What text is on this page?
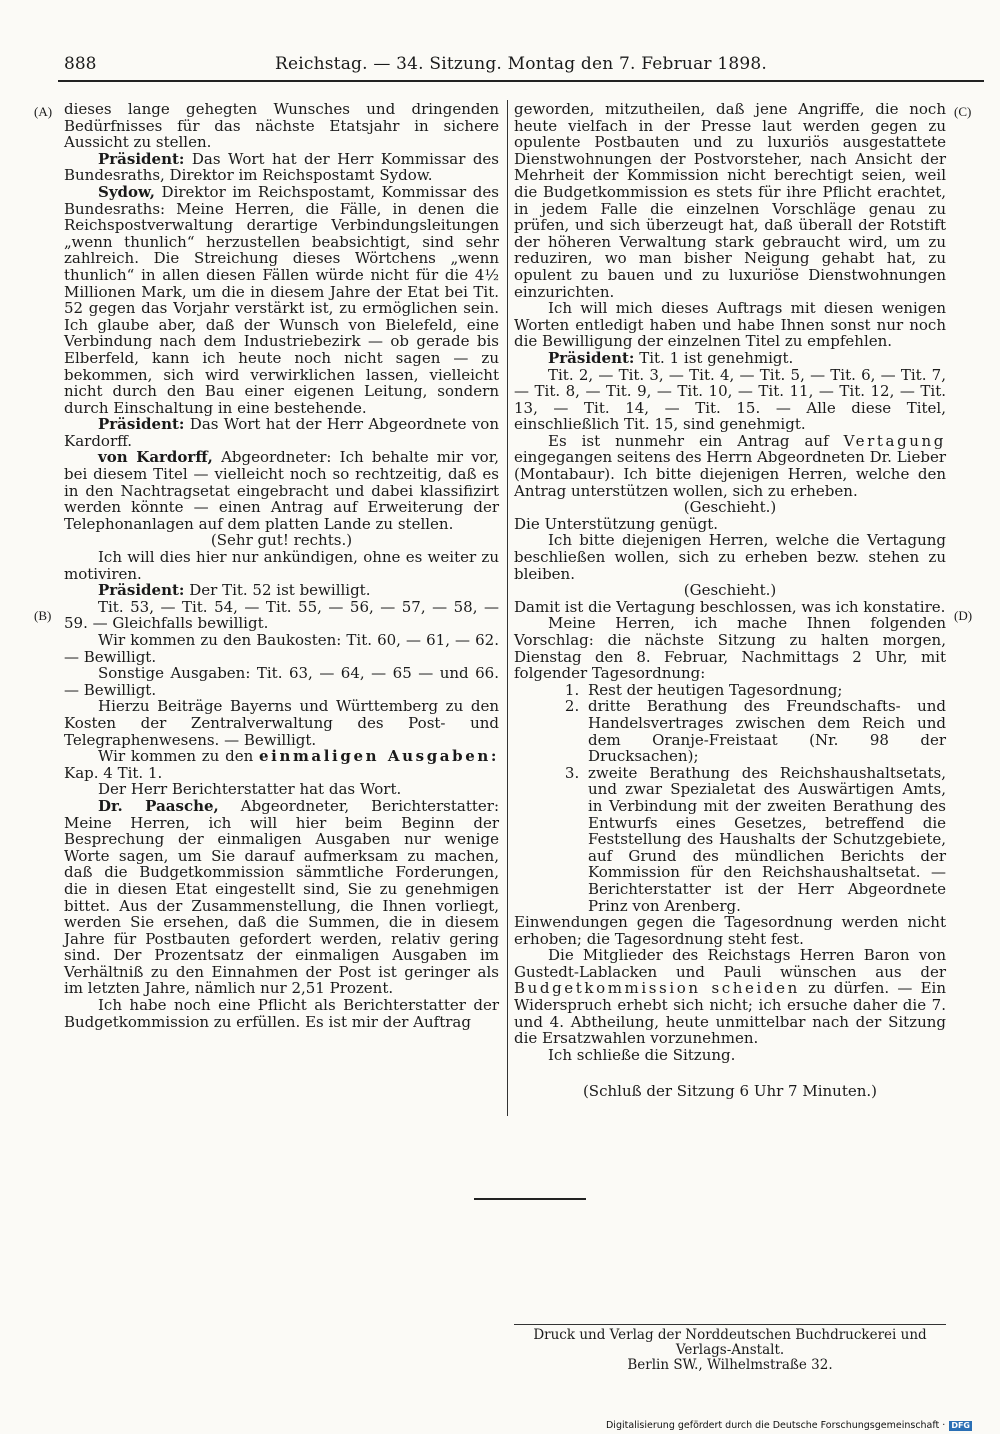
888	Reichstag. — 34. Sitzung. Montag den 7. Februar 1898.
(A)
(B)
(C)
(D)

dieses lange gehegten Wunsches und dringenden Bedürfnisses für das nächste Etatsjahr in sichere Aussicht zu stellen.

Präsident: Das Wort hat der Herr Kommissar des Bundesraths, Direktor im Reichspostamt Sydow.

Sydow, Direktor im Reichspostamt, Kommissar des Bundesraths: Meine Herren, die Fälle, in denen die Reichspostverwaltung derartige Verbindungsleitungen „wenn thunlich“ herzustellen beabsichtigt, sind sehr zahlreich. Die Streichung dieses Wörtchens „wenn thunlich“ in allen diesen Fällen würde nicht für die 4½ Millionen Mark, um die in diesem Jahre der Etat bei Tit. 52 gegen das Vorjahr verstärkt ist, zu ermöglichen sein. Ich glaube aber, daß der Wunsch von Bielefeld, eine Verbindung nach dem Industriebezirk — ob gerade bis Elberfeld, kann ich heute noch nicht sagen — zu bekommen, sich wird verwirklichen lassen, vielleicht nicht durch den Bau einer eigenen Leitung, sondern durch Einschaltung in eine bestehende.

Präsident: Das Wort hat der Herr Abgeordnete von Kardorff.

von Kardorff, Abgeordneter: Ich behalte mir vor, bei diesem Titel — vielleicht noch so rechtzeitig, daß es in den Nachtragsetat eingebracht und dabei klassifizirt werden könnte — einen Antrag auf Erweiterung der Telephonanlagen auf dem platten Lande zu stellen.

(Sehr gut! rechts.)

Ich will dies hier nur ankündigen, ohne es weiter zu motiviren.

Präsident: Der Tit. 52 ist bewilligt.

Tit. 53, — Tit. 54, — Tit. 55, — 56, — 57, — 58, — 59. — Gleichfalls bewilligt.

Wir kommen zu den Baukosten: Tit. 60, — 61, — 62. — Bewilligt.

Sonstige Ausgaben: Tit. 63, — 64, — 65 — und 66. — Bewilligt.

Hierzu Beiträge Bayerns und Württemberg zu den Kosten der Zentralverwaltung des Post- und Telegraphenwesens. — Bewilligt.

Wir kommen zu den einmaligen Ausgaben: Kap. 4 Tit. 1.

Der Herr Berichterstatter hat das Wort.

Dr. Paasche, Abgeordneter, Berichterstatter: Meine Herren, ich will hier beim Beginn der Besprechung der einmaligen Ausgaben nur wenige Worte sagen, um Sie darauf aufmerksam zu machen, daß die Budgetkommission sämmtliche Forderungen, die in diesen Etat eingestellt sind, Sie zu genehmigen bittet. Aus der Zusammenstellung, die Ihnen vorliegt, werden Sie ersehen, daß die Summen, die in diesem Jahre für Postbauten gefordert werden, relativ gering sind. Der Prozentsatz der einmaligen Ausgaben im Verhältniß zu den Einnahmen der Post ist geringer als im letzten Jahre, nämlich nur 2,51 Prozent.

Ich habe noch eine Pflicht als Berichterstatter der Budgetkommission zu erfüllen. Es ist mir der Auftrag

geworden, mitzutheilen, daß jene Angriffe, die noch heute vielfach in der Presse laut werden gegen zu opulente Postbauten und zu luxuriös ausgestattete Dienstwohnungen der Postvorsteher, nach Ansicht der Mehrheit der Kommission nicht berechtigt seien, weil die Budgetkommission es stets für ihre Pflicht erachtet, in jedem Falle die einzelnen Vorschläge genau zu prüfen, und sich überzeugt hat, daß überall der Rotstift der höheren Verwaltung stark gebraucht wird, um zu reduziren, wo man bisher Neigung gehabt hat, zu opulent zu bauen und zu luxuriöse Dienstwohnungen einzurichten.

Ich will mich dieses Auftrags mit diesen wenigen Worten entledigt haben und habe Ihnen sonst nur noch die Bewilligung der einzelnen Titel zu empfehlen.

Präsident: Tit. 1 ist genehmigt.

Tit. 2, — Tit. 3, — Tit. 4, — Tit. 5, — Tit. 6, — Tit. 7, — Tit. 8, — Tit. 9, — Tit. 10, — Tit. 11, — Tit. 12, — Tit. 13, — Tit. 14, — Tit. 15. — Alle diese Titel, einschließlich Tit. 15, sind genehmigt.

Es ist nunmehr ein Antrag auf Vertagung eingegangen seitens des Herrn Abgeordneten Dr. Lieber (Montabaur). Ich bitte diejenigen Herren, welche den Antrag unterstützen wollen, sich zu erheben.

(Geschieht.)

Die Unterstützung genügt.

Ich bitte diejenigen Herren, welche die Vertagung beschließen wollen, sich zu erheben bezw. stehen zu bleiben.

(Geschieht.)

Damit ist die Vertagung beschlossen, was ich konstatire.

Meine Herren, ich mache Ihnen folgenden Vorschlag: die nächste Sitzung zu halten morgen, Dienstag den 8. Februar, Nachmittags 2 Uhr, mit folgender Tagesordnung:

1. Rest der heutigen Tagesordnung;
2. dritte Berathung des Freundschafts- und Handelsvertrages zwischen dem Reich und dem Oranje-Freistaat (Nr. 98 der Drucksachen);
3. zweite Berathung des Reichshaushaltsetats, und zwar Spezialetat des Auswärtigen Amts, in Verbindung mit der zweiten Berathung des Entwurfs eines Gesetzes, betreffend die Feststellung des Haushalts der Schutzgebiete, auf Grund des mündlichen Berichts der Kommission für den Reichshaushaltsetat. — Berichterstatter ist der Herr Abgeordnete Prinz von Arenberg.

Einwendungen gegen die Tagesordnung werden nicht erhoben; die Tagesordnung steht fest.

Die Mitglieder des Reichstags Herren Baron von Gustedt-Lablacken und Pauli wünschen aus der Budgetkommission scheiden zu dürfen. — Ein Widerspruch erhebt sich nicht; ich ersuche daher die 7. und 4. Abtheilung, heute unmittelbar nach der Sitzung die Ersatzwahlen vorzunehmen.

Ich schließe die Sitzung.

(Schluß der Sitzung 6 Uhr 7 Minuten.)

Druck und Verlag der Norddeutschen Buchdruckerei und Verlags-Anstalt.
Berlin SW., Wilhelmstraße 32.
Digitalisierung gefördert durch die Deutsche Forschungsgemeinschaft · DFG
